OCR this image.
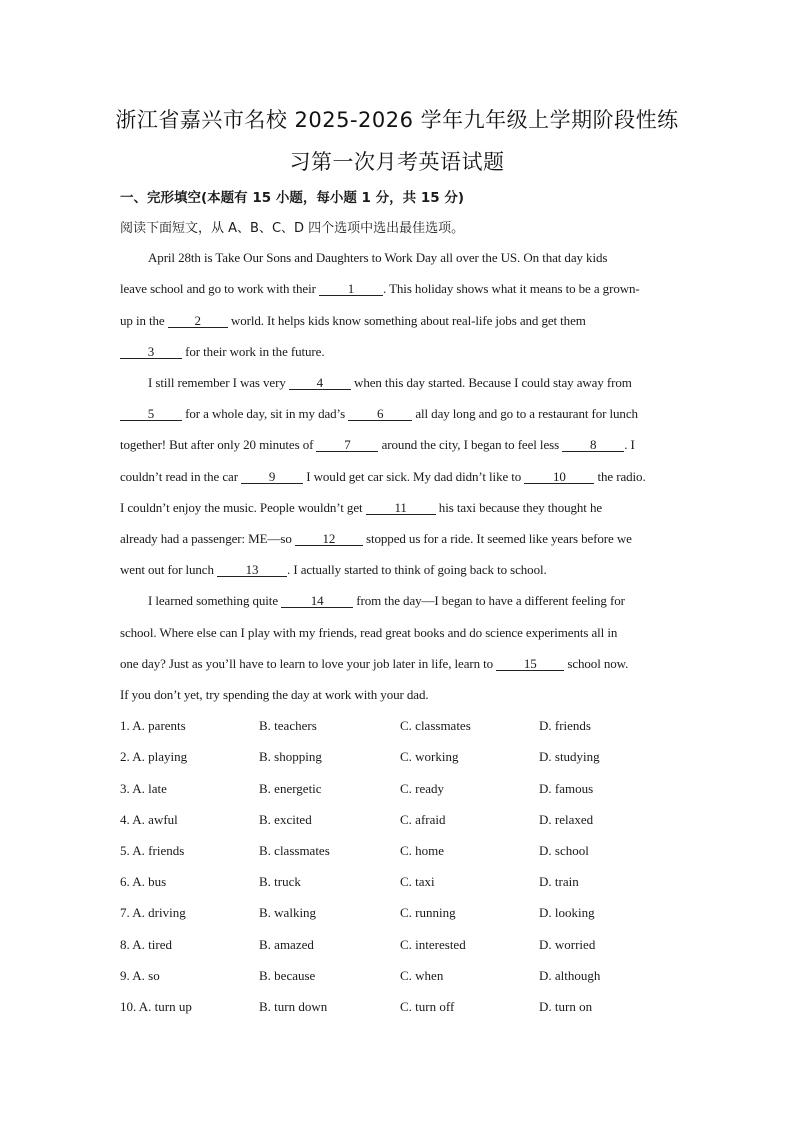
浙江省嘉兴市名校 2025-2026 学年九年级上学期阶段性练
习第一次月考英语试题
一、完形填空(本题有 15 小题，每小题 1 分，共 15 分)
阅读下面短文，从 A、B、C、D 四个选项中选出最佳选项。
April 28th is Take Our Sons and Daughters to Work Day all over the US. On that day kids
leave school and go to work with their 1 . This holiday shows what it means to be a grown-
up in the 2 world. It helps kids know something about real-life jobs and get them
3 for their work in the future.
I still remember I was very 4 when this day started. Because I could stay away from
5 for a whole day, sit in my dad’s 6 all day long and go to a restaurant for lunch
together! But after only 20 minutes of 7 around the city, I began to feel less 8 . I
couldn’t read in the car 9 I would get car sick. My dad didn’t like to 10 the radio.
I couldn’t enjoy the music. People wouldn’t get 11 his taxi because they thought he
already had a passenger: ME—so 12 stopped us for a ride. It seemed like years before we
went out for lunch 13 . I actually started to think of going back to school.
I learned something quite 14 from the day—I began to have a different feeling for
school. Where else can I play with my friends, read great books and do science experiments all in
one day? Just as you’ll have to learn to love your job later in life, learn to 15 school now.
If you don’t yet, try spending the day at work with your dad.
1. A. parents	B. teachers	C. classmates	D. friends
2. A. playing	B. shopping	C. working	D. studying
3. A. late	B. energetic	C. ready	D. famous
4. A. awful	B. excited	C. afraid	D. relaxed
5. A. friends	B. classmates	C. home	D. school
6. A. bus	B. truck	C. taxi	D. train
7. A. driving	B. walking	C. running	D. looking
8. A. tired	B. amazed	C. interested	D. worried
9. A. so	B. because	C. when	D. although
10. A. turn up	B. turn down	C. turn off	D. turn on
